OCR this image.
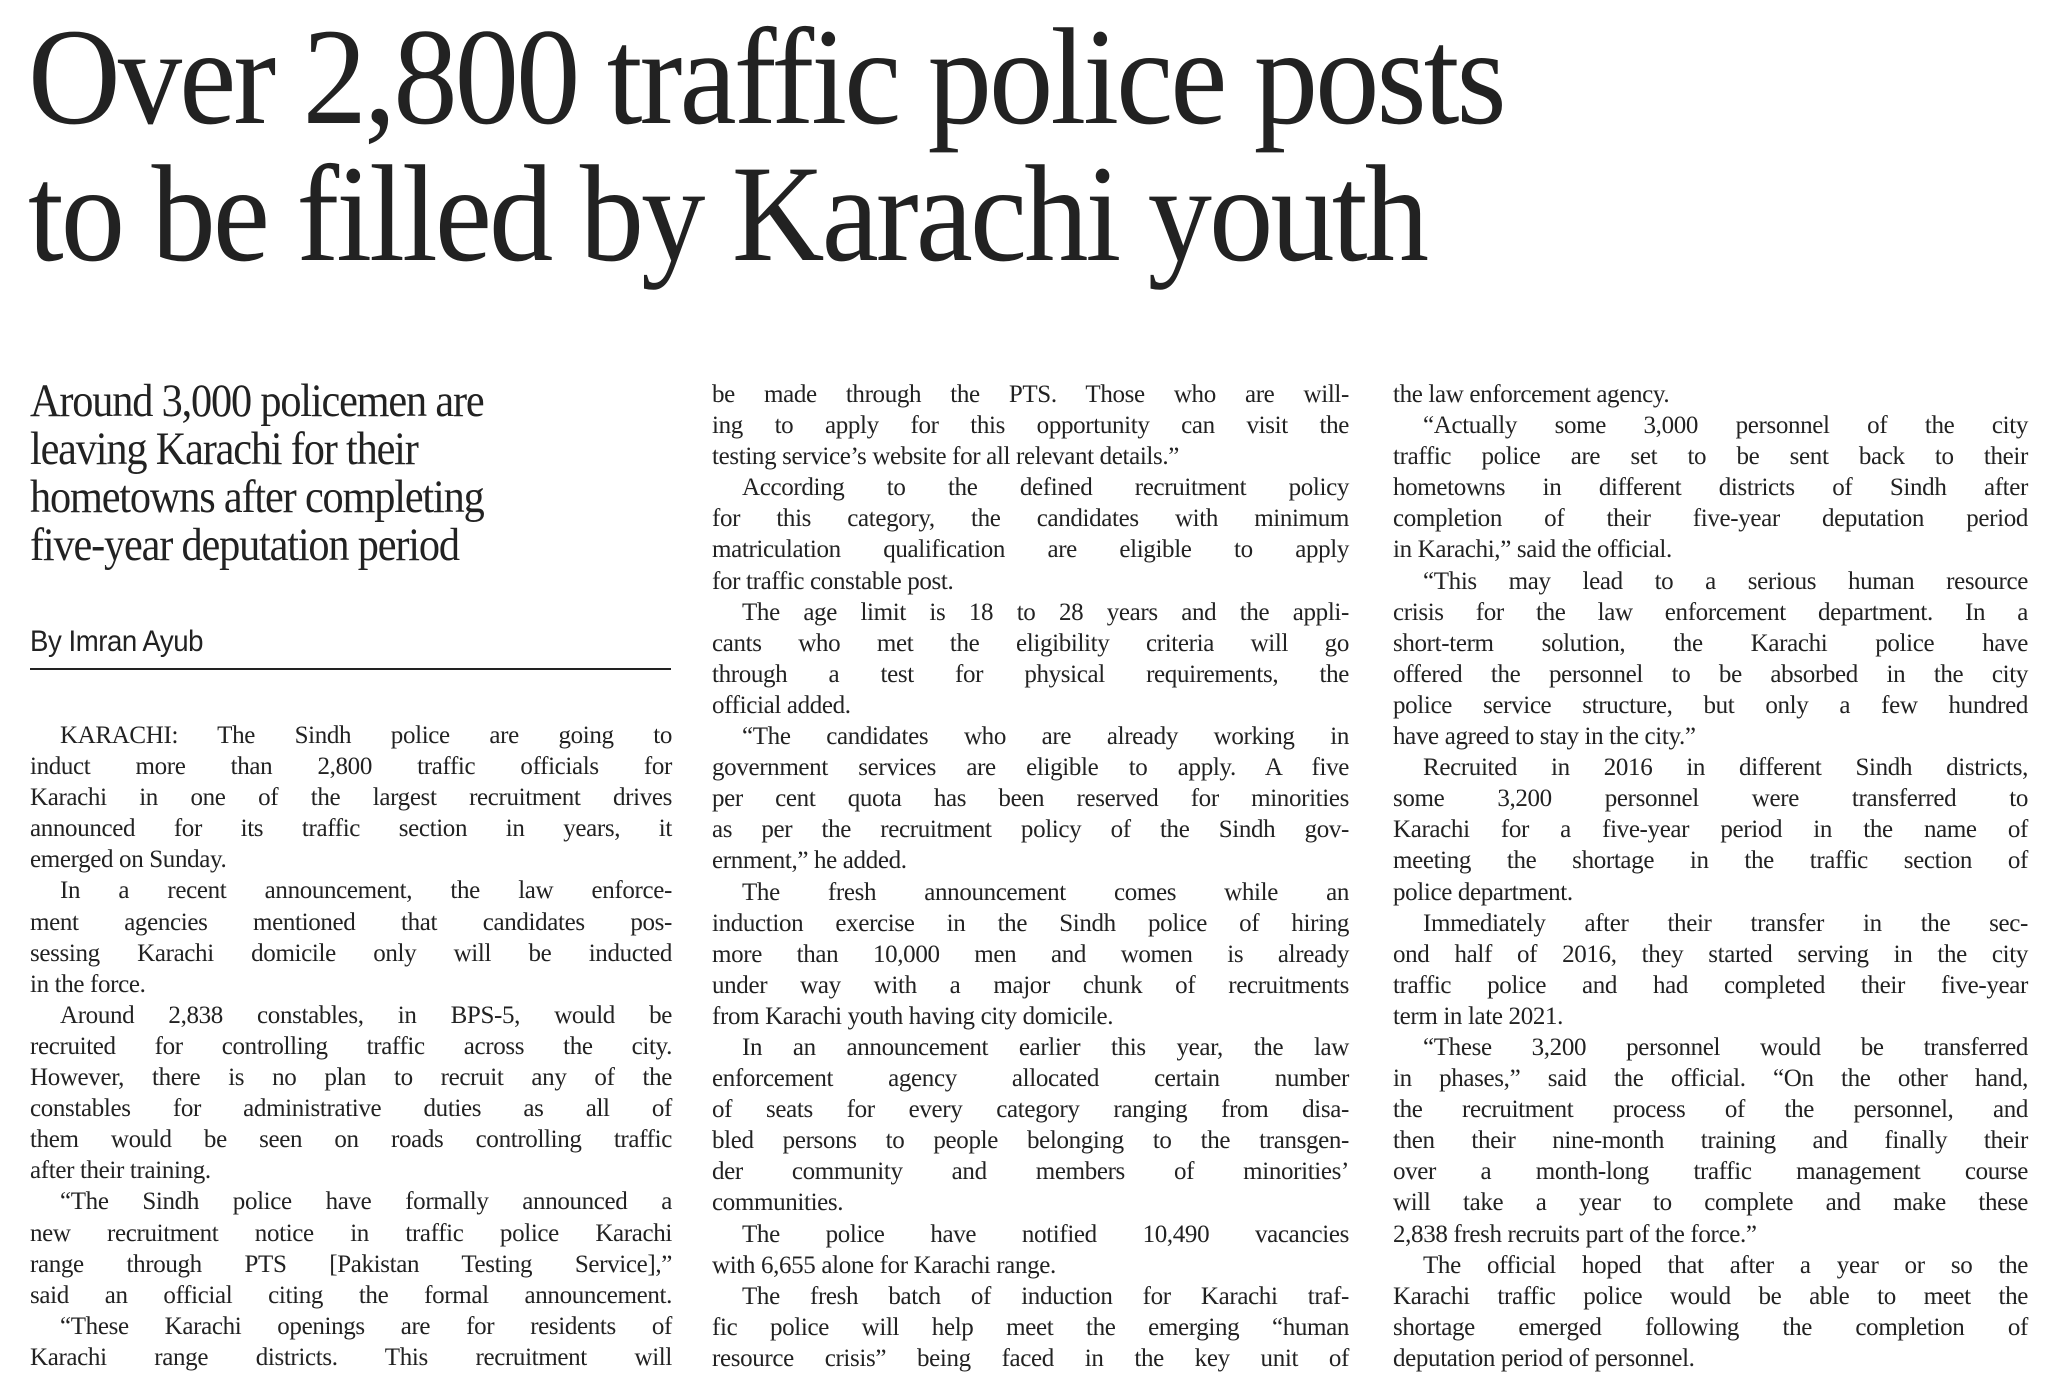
Over 2,800 traffic police posts
to be filled by Karachi youth
Around 3,000 policemen are
leaving Karachi for their
hometowns after completing
five-year deputation period
By Imran Ayub
KARACHI: The Sindh police are going to
induct more than 2,800 traffic officials for
Karachi in one of the largest recruitment drives
announced for its traffic section in years, it
emerged on Sunday.
In a recent announcement, the law enforce-
ment agencies mentioned that candidates pos-
sessing Karachi domicile only will be inducted
in the force.
Around 2,838 constables, in BPS-5, would be
recruited for controlling traffic across the city.
However, there is no plan to recruit any of the
constables for administrative duties as all of
them would be seen on roads controlling traffic
after their training.
“The Sindh police have formally announced a
new recruitment notice in traffic police Karachi
range through PTS [Pakistan Testing Service],”
said an official citing the formal announcement.
“These Karachi openings are for residents of
Karachi range districts. This recruitment will
be made through the PTS. Those who are will-
ing to apply for this opportunity can visit the
testing service’s website for all relevant details.”
According to the defined recruitment policy
for this category, the candidates with minimum
matriculation qualification are eligible to apply
for traffic constable post.
The age limit is 18 to 28 years and the appli-
cants who met the eligibility criteria will go
through a test for physical requirements, the
official added.
“The candidates who are already working in
government services are eligible to apply. A five
per cent quota has been reserved for minorities
as per the recruitment policy of the Sindh gov-
ernment,” he added.
The fresh announcement comes while an
induction exercise in the Sindh police of hiring
more than 10,000 men and women is already
under way with a major chunk of recruitments
from Karachi youth having city domicile.
In an announcement earlier this year, the law
enforcement agency allocated certain number
of seats for every category ranging from disa-
bled persons to people belonging to the transgen-
der community and members of minorities’
communities.
The police have notified 10,490 vacancies
with 6,655 alone for Karachi range.
The fresh batch of induction for Karachi traf-
fic police will help meet the emerging “human
resource crisis” being faced in the key unit of
the law enforcement agency.
“Actually some 3,000 personnel of the city
traffic police are set to be sent back to their
hometowns in different districts of Sindh after
completion of their five-year deputation period
in Karachi,” said the official.
“This may lead to a serious human resource
crisis for the law enforcement department. In a
short-term solution, the Karachi police have
offered the personnel to be absorbed in the city
police service structure, but only a few hundred
have agreed to stay in the city.”
Recruited in 2016 in different Sindh districts,
some 3,200 personnel were transferred to
Karachi for a five-year period in the name of
meeting the shortage in the traffic section of
police department.
Immediately after their transfer in the sec-
ond half of 2016, they started serving in the city
traffic police and had completed their five-year
term in late 2021.
“These 3,200 personnel would be transferred
in phases,” said the official. “On the other hand,
the recruitment process of the personnel, and
then their nine-month training and finally their
over a month-long traffic management course
will take a year to complete and make these
2,838 fresh recruits part of the force.”
The official hoped that after a year or so the
Karachi traffic police would be able to meet the
shortage emerged following the completion of
deputation period of personnel.
